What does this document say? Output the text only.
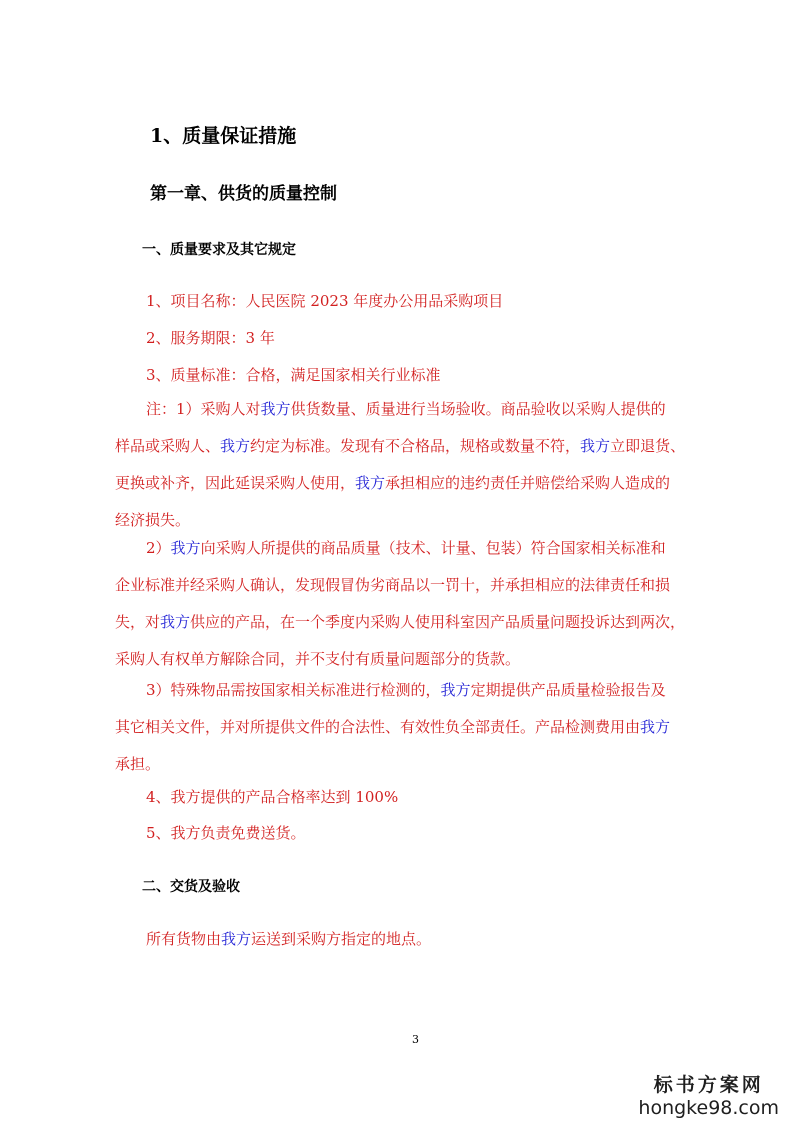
1、质量保证措施
第一章、供货的质量控制
一、质量要求及其它规定
1、项目名称：人民医院 2023 年度办公用品采购项目
2、服务期限：3 年
3、质量标准：合格，满足国家相关行业标准
注：1）采购人对我方供货数量、质量进行当场验收。商品验收以采购人提供的
样品或采购人、我方约定为标准。发现有不合格品，规格或数量不符，我方立即退货、
更换或补齐，因此延误采购人使用，我方承担相应的违约责任并赔偿给采购人造成的
经济损失。
2）我方向采购人所提供的商品质量（技术、计量、包装）符合国家相关标准和
企业标准并经采购人确认，发现假冒伪劣商品以一罚十，并承担相应的法律责任和损
失，对我方供应的产品，在一个季度内采购人使用科室因产品质量问题投诉达到两次，
采购人有权单方解除合同，并不支付有质量问题部分的货款。
3）特殊物品需按国家相关标准进行检测的，我方定期提供产品质量检验报告及
其它相关文件，并对所提供文件的合法性、有效性负全部责任。产品检测费用由我方
承担。
4、我方提供的产品合格率达到 100%
5、我方负责免费送货。
二、交货及验收
所有货物由我方运送到采购方指定的地点。
3
标书方案网
hongke98.com
